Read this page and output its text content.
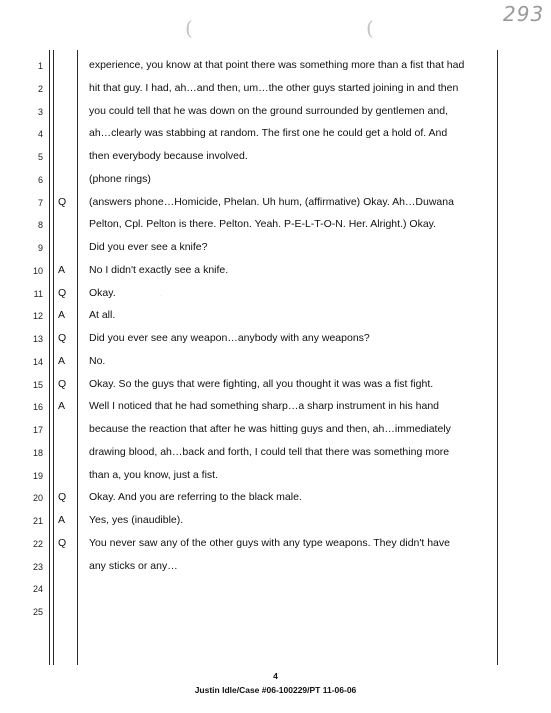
293
(	(
1	experience, you know at that point there was something more than a fist that had
2	hit that guy. I had, ah…and then, um…the other guys started joining in and then
3	you could tell that he was down on the ground surrounded by gentlemen and,
4	ah…clearly was stabbing at random. The first one he could get a hold of. And
5	then everybody because involved.
6	(phone rings)
7 Q (answers phone…Homicide, Phelan. Uh hum, (affirmative) Okay. Ah…Duwana
8	Pelton, Cpl. Pelton is there. Pelton. Yeah. P-E-L-T-O-N. Her. Alright.) Okay.
9	Did you ever see a knife?
10 A No I didn't exactly see a knife.
11 Q Okay.
12 A At all.
13 Q Did you ever see any weapon…anybody with any weapons?
14 A No.
15 Q Okay. So the guys that were fighting, all you thought it was was a fist fight.
16 A Well I noticed that he had something sharp…a sharp instrument in his hand
17	because the reaction that after he was hitting guys and then, ah…immediately
18	drawing blood, ah…back and forth, I could tell that there was something more
19	than a, you know, just a fist.
20 Q Okay. And you are referring to the black male.
21 A Yes, yes (inaudible).
22 Q You never saw any of the other guys with any type weapons. They didn't have
23	any sticks or any…
24
25
·
4
Justin Idle/Case #06-100229/PT 11-06-06
